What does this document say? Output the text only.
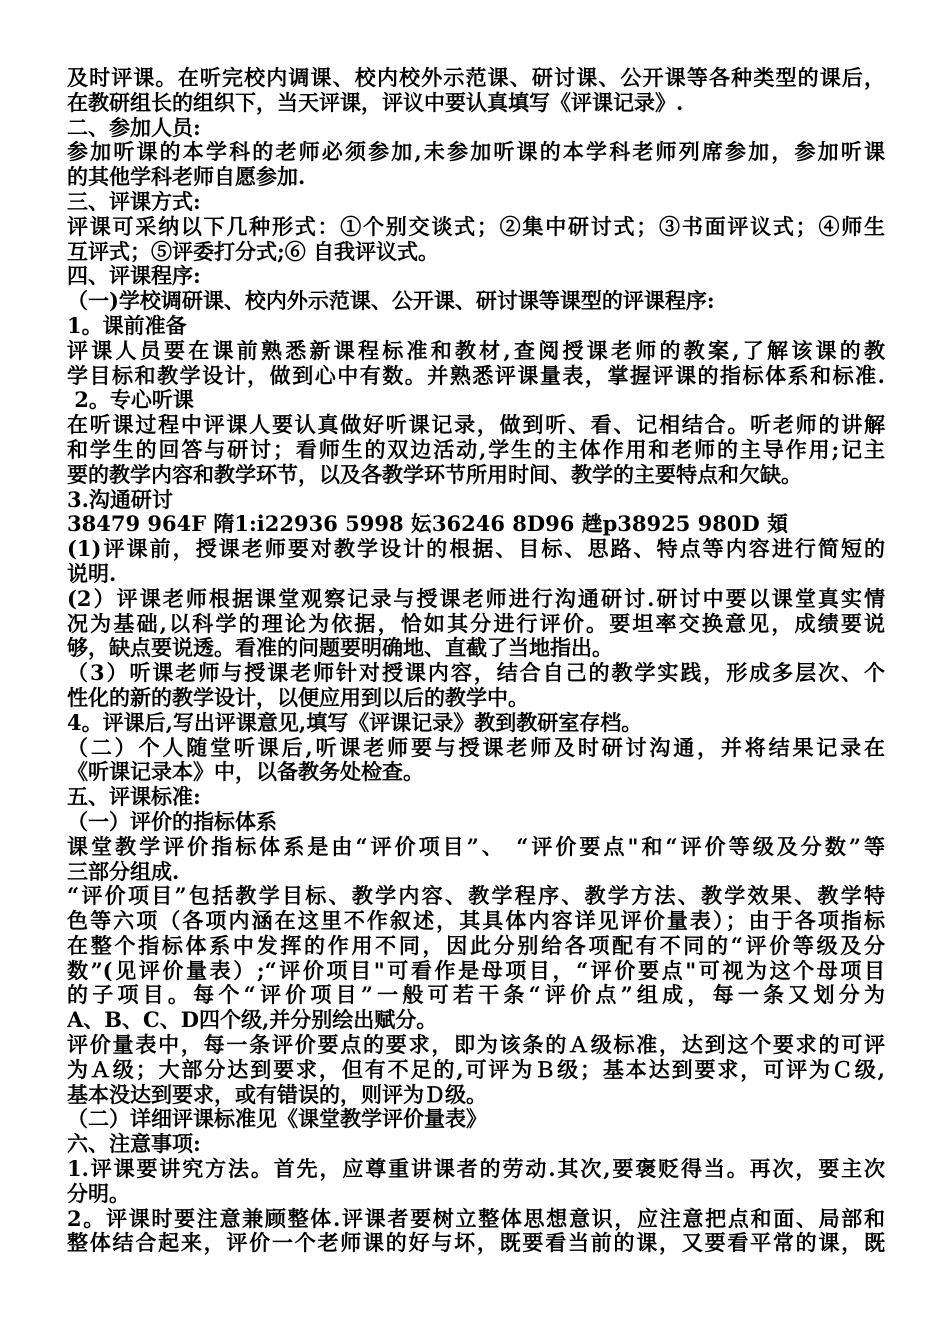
及时评课。在听完校内调课、校内校外示范课、研讨课、公开课等各种类型的课后，
在教研组长的组织下，当天评课，评议中要认真填写《评课记录》.
二、参加人员:
参加听课的本学科的老师必须参加,未参加听课的本学科老师列席参加，参加听课
的其他学科老师自愿参加.
三、评课方式:
评课可采纳以下几种形式：①个别交谈式；②集中研讨式；③书面评议式；④师生
互评式；⑤评委打分式;⑥ 自我评议式。
四、评课程序:
（一)学校调研课、校内外示范课、公开课、研讨课等课型的评课程序:
1。课前准备
评课人员要在课前熟悉新课程标准和教材,查阅授课老师的教案,了解该课的教
学目标和教学设计，做到心中有数。并熟悉评课量表，掌握评课的指标体系和标准.
2。专心听课
在听课过程中评课人要认真做好听课记录，做到听、看、记相结合。听老师的讲解
和学生的回答与研讨；看师生的双边活动,学生的主体作用和老师的主导作用;记主
要的教学内容和教学环节，以及各教学环节所用时间、教学的主要特点和欠缺。
3.沟通研讨
38479 964F 隋1:i22936 5998 妘36246 8D96 趖p38925 980D 頍
(1)评课前，授课老师要对教学设计的根据、目标、思路、特点等内容进行简短的
说明.
(2）评课老师根据课堂观察记录与授课老师进行沟通研讨.研讨中要以课堂真实情
况为基础,以科学的理论为依据，恰如其分进行评价。要坦率交换意见，成绩要说
够，缺点要说透。看准的问题要明确地、直截了当地指出。
（3）听课老师与授课老师针对授课内容，结合自己的教学实践，形成多层次、个
性化的新的教学设计，以便应用到以后的教学中。
4。评课后,写出评课意见,填写《评课记录》教到教研室存档。
（二）个人随堂听课后,听课老师要与授课老师及时研讨沟通，并将结果记录在
《听课记录本》中，以备教务处检查。
五、评课标准:
（一）评价的指标体系
课堂教学评价指标体系是由“评价项目”、 “评价要点"和“评价等级及分数”等
三部分组成.
“评价项目”包括教学目标、教学内容、教学程序、教学方法、教学效果、教学特
色等六项（各项内涵在这里不作叙述，其具体内容详见评价量表）；由于各项指标
在整个指标体系中发挥的作用不同，因此分别给各项配有不同的“评价等级及分
数”(见评价量表）;“评价项目"可看作是母项目，“评价要点"可视为这个母项目
的子项目。每个“评价项目”一般可若干条“评价点”组成，每一条又划分为
A、B、C、D四个级,并分别绘出赋分。
评价量表中，每一条评价要点的要求，即为该条的Ａ级标准，达到这个要求的可评
为Ａ级；大部分达到要求，但有不足的,可评为Ｂ级；基本达到要求，可评为Ｃ级,
基本没达到要求，或有错误的，则评为Ｄ级。
（二）详细评课标准见《课堂教学评价量表》
六、注意事项:
1.评课要讲究方法。首先，应尊重讲课者的劳动.其次,要褒贬得当。再次，要主次
分明。
2。评课时要注意兼顾整体.评课者要树立整体思想意识，应注意把点和面、局部和
整体结合起来，评价一个老师课的好与坏，既要看当前的课，又要看平常的课，既
